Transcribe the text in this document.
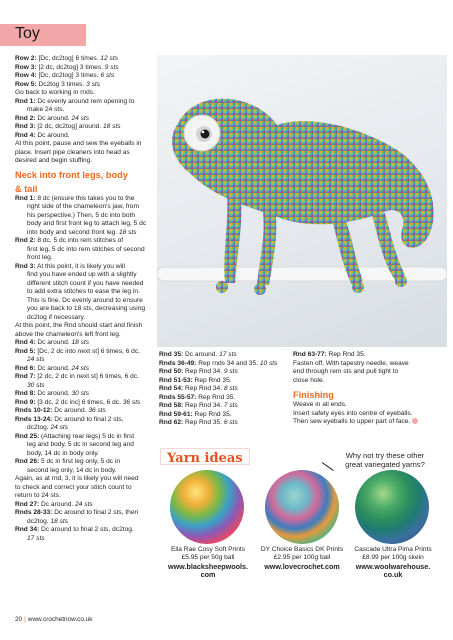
Toy

Row 2: [Dc, dc2tog] 6 times. 12 sts

Row 3: [2 dc, dc2tog] 3 times. 9 sts

Row 4: [Dc, dc2tog] 3 times. 6 sts

Row 5: Dc2tog 3 times. 3 sts

Go back to working in rnds:

Rnd 1: Dc evenly around rem opening to

make 24 sts.

Rnd 2: Dc around. 24 sts

Rnd 3: [2 dc, dc2tog] around. 18 sts

Rnd 4: Dc around.

At this point, pause and sew the eyeballs in

place. Insert pipe cleaners into head as

desired and begin stuffing.

Neck into front legs, body
& tail

Rnd 1: 8 dc (ensure this takes you to the

right side of the chameleon's jaw, from

his perspective.) Then, 5 dc into both

body and first front leg to attach leg, 5 dc

into body and second front leg. 18 sts

Rnd 2: 8 dc. 5 dc into rem stitches of

first leg, 5 dc into rem stitches of second

front leg.

Rnd 3: At this point, it is likely you will

find you have ended up with a slightly

different stitch count if you have needed

to add extra stitches to ease the leg in.

This is fine. Dc evenly around to ensure

you are back to 18 sts, decreasing using

dc2tog if necessary.

At this point, the Rnd should start and finish

above the chameleon's left front leg.

Rnd 4: Dc around. 18 sts

Rnd 5: [Dc, 2 dc into next st] 6 times, 6 dc.

24 sts

Rnd 6: Dc around. 24 sts

Rnd 7: [2 dc, 2 dc in next st] 6 times, 6 dc.

30 sts

Rnd 8: Dc around. 30 sts

Rnd 9: [3 dc, 2 dc inc] 6 times, 6 dc. 36 sts

Rnds 10-12: Dc around. 36 sts

Rnds 13-24: Dc around to final 2 sts,

dc2tog. 24 sts

Rnd 25: (Attaching rear legs) 5 dc in first

leg and body, 5 dc in second leg and

body, 14 dc in body only.

Rnd 26: 5 dc in first leg only, 5 dc in

second leg only, 14 dc in body.

Again, as at rnd, 3, it is likely you will need

to check and correct your stitch count to

return to 24 sts.

Rnd 27: Dc around. 24 sts

Rnds 28-33: Dc around to final 2 sts, then

dc2tog. 18 sts

Rnd 34: Dc around to final 2 sts, dc2tog.

17 sts

Rnd 35: Dc around. 17 sts

Rnds 36-49: Rep rnds 34 and 35. 10 sts

Rnd 50: Rep Rnd 34. 9 sts

Rnd 51-53: Rep Rnd 35.

Rnd 54: Rep Rnd 34. 8 sts

Rnds 55-57: Rep Rnd 35.

Rnd 58: Rep Rnd 34. 7 sts

Rnd 59-61: Rep Rnd 35.

Rnd 62: Rep Rnd 35. 6 sts

Rnd 63-77: Rep Rnd 35.

Fasten off. With tapestry needle, weave

end through rem sts and pull tight to

close hole.

Finishing

Weave in all ends.

Insert safety eyes into centre of eyeballs.

Then sew eyeballs to upper part of face.

Yarn ideas	Why not try these other
great variegated yarns?
Ella Rae Cosy Soft Prints
£5.95 per 50g ball
www.blacksheepwools.
com
DY Choice Basics DK Prints
£2.95 per 100g ball
www.lovecrochet.com
Cascade Ultra Pima Prints
£8.99 per 100g skein
www.woolwarehouse.
co.uk
20 | www.crochetnow.co.uk
